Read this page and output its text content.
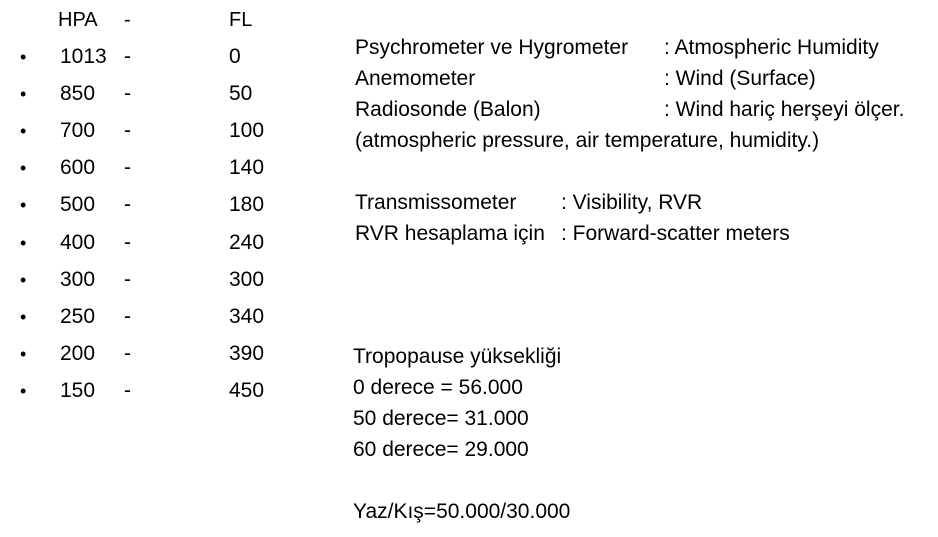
HPA -	FL
• 1013 -	0
• 850 -	50
• 700 -	100
• 600 -	140
• 500 -	180
• 400 -	240
• 300 -	300
• 250 -	340
• 200 -	390
• 150 -	450
Psychrometer ve Hygrometer : Atmospheric Humidity
Anemometer	: Wind (Surface)
Radiosonde (Balon)	: Wind hariç herşeyi ölçer.
(atmospheric pressure, air temperature, humidity.)
Transmissometer : Visibility, RVR
RVR hesaplama için : Forward-scatter meters
Tropopause yüksekliği
0 derece = 56.000
50 derece= 31.000
60 derece= 29.000
Yaz/Kış=50.000/30.000
